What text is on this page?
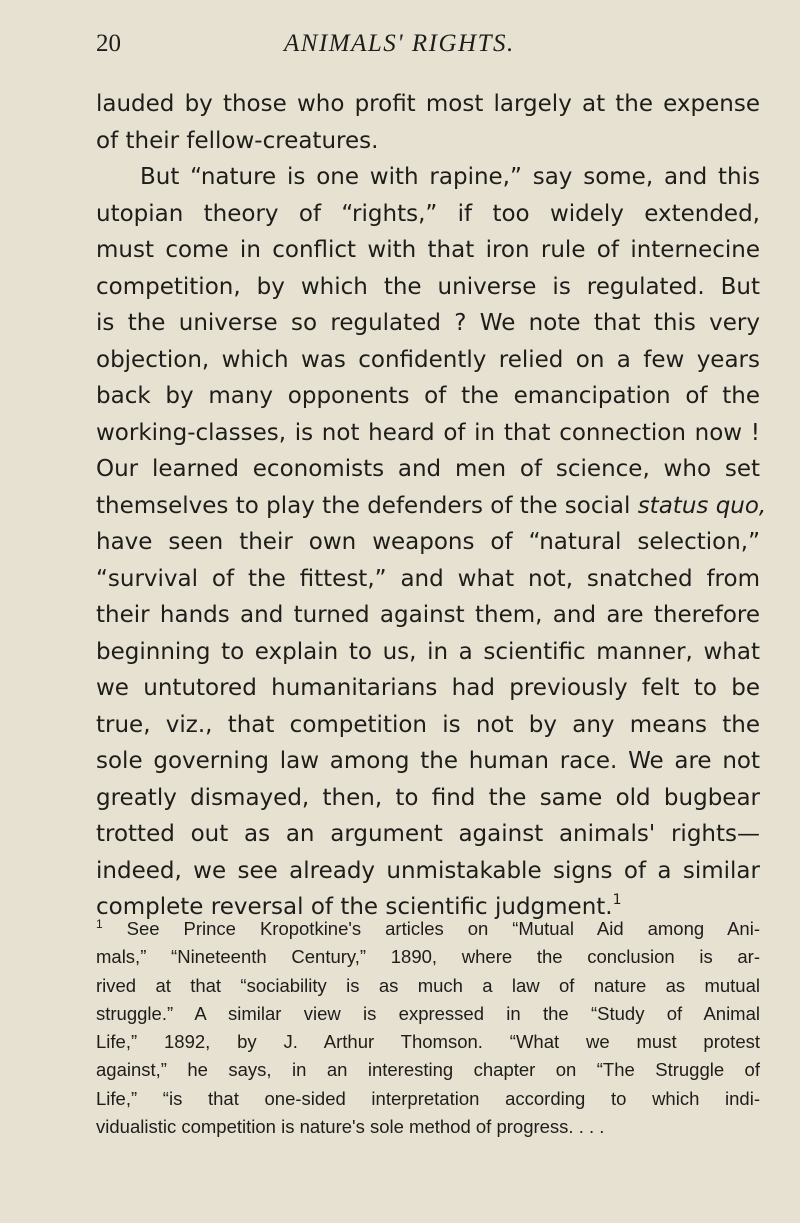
20	ANIMALS' RIGHTS.
lauded by those who profit most largely at the expense
of their fellow-creatures.
But “nature is one with rapine,” say some, and this
utopian theory of “rights,” if too widely extended,
must come in conflict with that iron rule of internecine
competition, by which the universe is regulated. But
is the universe so regulated ? We note that this very
objection, which was confidently relied on a few years
back by many opponents of the emancipation of the
working-classes, is not heard of in that connection now !
Our learned economists and men of science, who set
themselves to play the defenders of the social status quo,
have seen their own weapons of “natural selection,”
“survival of the fittest,” and what not, snatched from
their hands and turned against them, and are therefore
beginning to explain to us, in a scientific manner, what
we untutored humanitarians had previously felt to be
true, viz., that competition is not by any means the
sole governing law among the human race. We are not
greatly dismayed, then, to find the same old bugbear
trotted out as an argument against animals' rights—
indeed, we see already unmistakable signs of a similar
complete reversal of the scientific judgment.$^1$
$^1$ See Prince Kropotkine's articles on “Mutual Aid among Ani-
mals,” “Nineteenth Century,” 1890, where the conclusion is ar-
rived at that “sociability is as much a law of nature as mutual
struggle.” A similar view is expressed in the “Study of Animal
Life,” 1892, by J. Arthur Thomson. “What we must protest
against,” he says, in an interesting chapter on “The Struggle of
Life,” “is that one-sided interpretation according to which indi-
vidualistic competition is nature's sole method of progress. . . .
